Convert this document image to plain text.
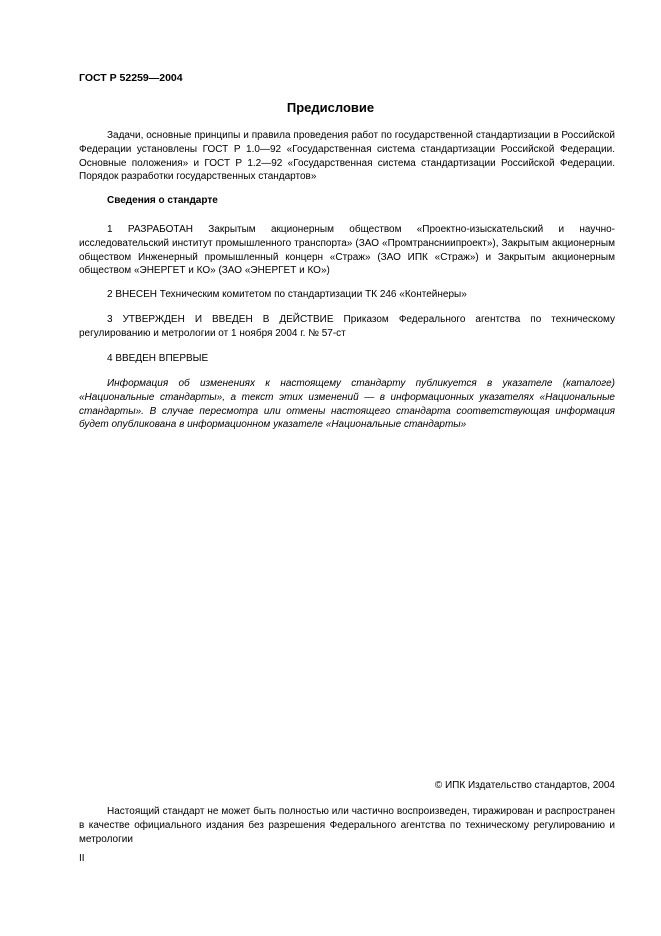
ГОСТ Р 52259—2004
Предисловие
Задачи, основные принципы и правила проведения работ по государственной стандартизации в Российской Федерации установлены ГОСТ Р 1.0—92 «Государственная система стандартизации Российской Федерации. Основные положения» и ГОСТ Р 1.2—92 «Государственная система стандартизации Российской Федерации. Порядок разработки государственных стандартов»
Сведения о стандарте
1 РАЗРАБОТАН Закрытым акционерным обществом «Проектно-изыскательский и научно-исследовательский институт промышленного транспорта» (ЗАО «Промтрансниипроект»), Закрытым акционерным обществом Инженерный промышленный концерн «Страж» (ЗАО ИПК «Страж») и Закрытым акционерным обществом «ЭНЕРГЕТ и КО» (ЗАО «ЭНЕРГЕТ и КО»)
2 ВНЕСЕН Техническим комитетом по стандартизации ТК 246 «Контейнеры»
3 УТВЕРЖДЕН И ВВЕДЕН В ДЕЙСТВИЕ Приказом Федерального агентства по техническому регулированию и метрологии от 1 ноября 2004 г. № 57-ст
4 ВВЕДЕН ВПЕРВЫЕ
Информация об изменениях к настоящему стандарту публикуется в указателе (каталоге) «Национальные стандарты», а текст этих изменений — в информационных указателях «Национальные стандарты». В случае пересмотра или отмены настоящего стандарта соответствующая информация будет опубликована в информационном указателе «Национальные стандарты»
© ИПК Издательство стандартов, 2004
Настоящий стандарт не может быть полностью или частично воспроизведен, тиражирован и распространен в качестве официального издания без разрешения Федерального агентства по техническому регулированию и метрологии
II
